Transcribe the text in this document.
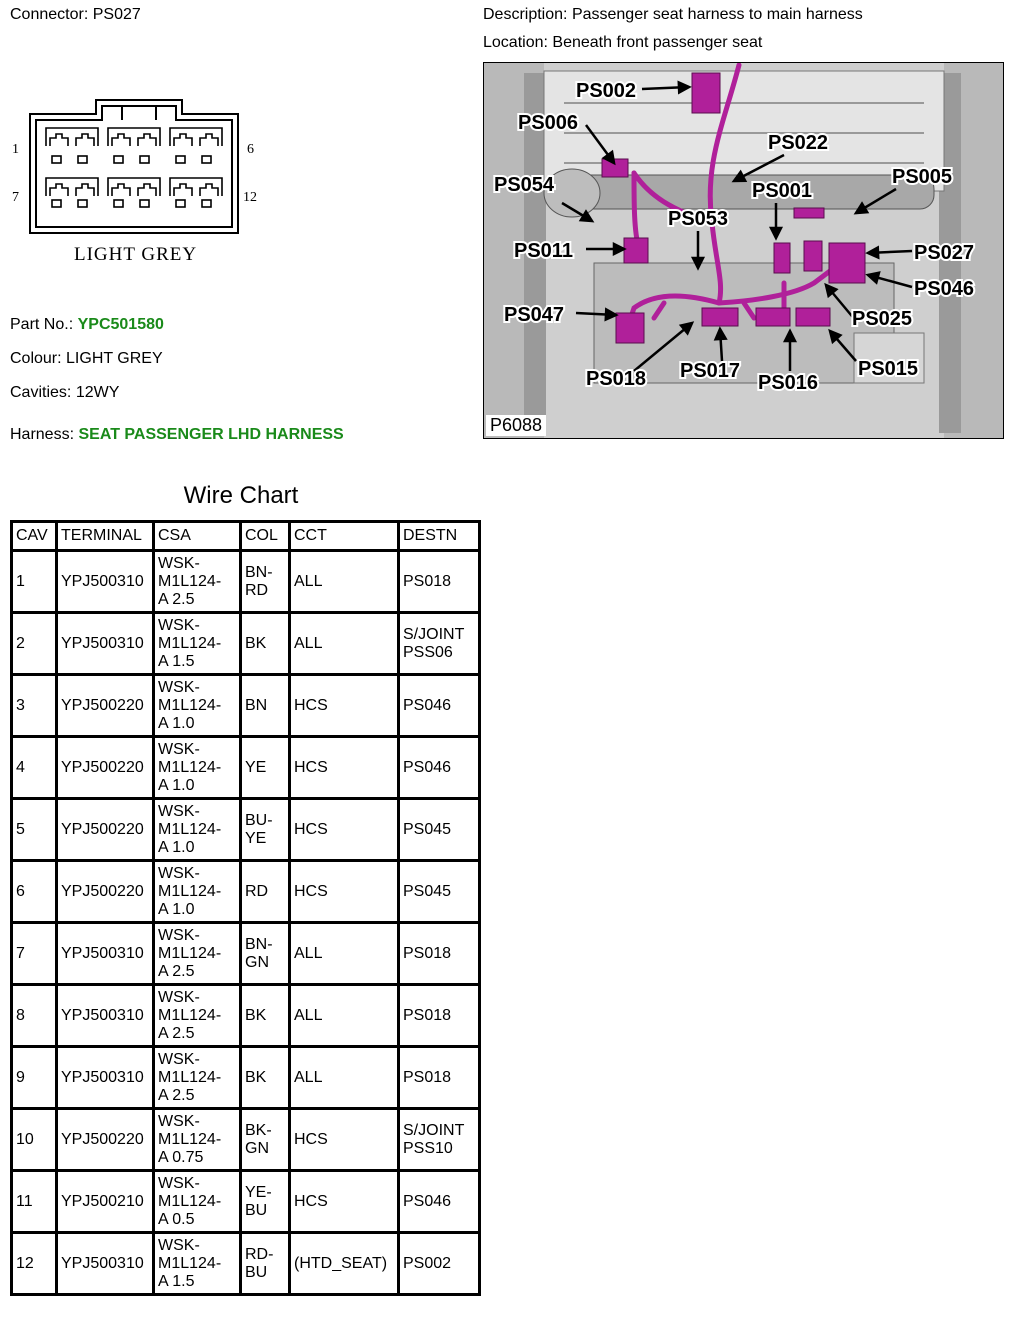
Connector: PS027	Description: Passenger seat harness to main harness
Location: Beneath front passenger seat
1	6
7	12
LIGHT GREY
Part No.: YPC501580
Colour: LIGHT GREY
Cavities: 12WY
Harness: SEAT PASSENGER LHD HARNESS
PS002
PS006
PS022
PS054	PS001
PS005
PS053
PS011	PS027
PS046
PS047	PS025
PS017
PS018	PS016
PS015
P6088
Wire Chart
CAV	TERMINAL	CSA	COL	CCT	DESTN
1	YPJ500310	WSK-
M1L124-
A 2.5	BN-
RD	ALL	PS018
2	YPJ500310	WSK-
M1L124-
A 1.5	BK	ALL	S/JOINT
PSS06
3	YPJ500220	WSK-
M1L124-
A 1.0	BN	HCS	PS046
4	YPJ500220	WSK-
M1L124-
A 1.0	YE	HCS	PS046
5	YPJ500220	WSK-
M1L124-
A 1.0	BU-
YE	HCS	PS045
6	YPJ500220	WSK-
M1L124-
A 1.0	RD	HCS	PS045
7	YPJ500310	WSK-
M1L124-
A 2.5	BN-
GN	ALL	PS018
8	YPJ500310	WSK-
M1L124-
A 2.5	BK	ALL	PS018
9	YPJ500310	WSK-
M1L124-
A 2.5	BK	ALL	PS018
10	YPJ500220	WSK-
M1L124-
A 0.75	BK-
GN	HCS	S/JOINT
PSS10
11	YPJ500210	WSK-
M1L124-
A 0.5	YE-
BU	HCS	PS046
12	YPJ500310	WSK-
M1L124-
A 1.5	RD-
BU	(HTD_SEAT)	PS002
